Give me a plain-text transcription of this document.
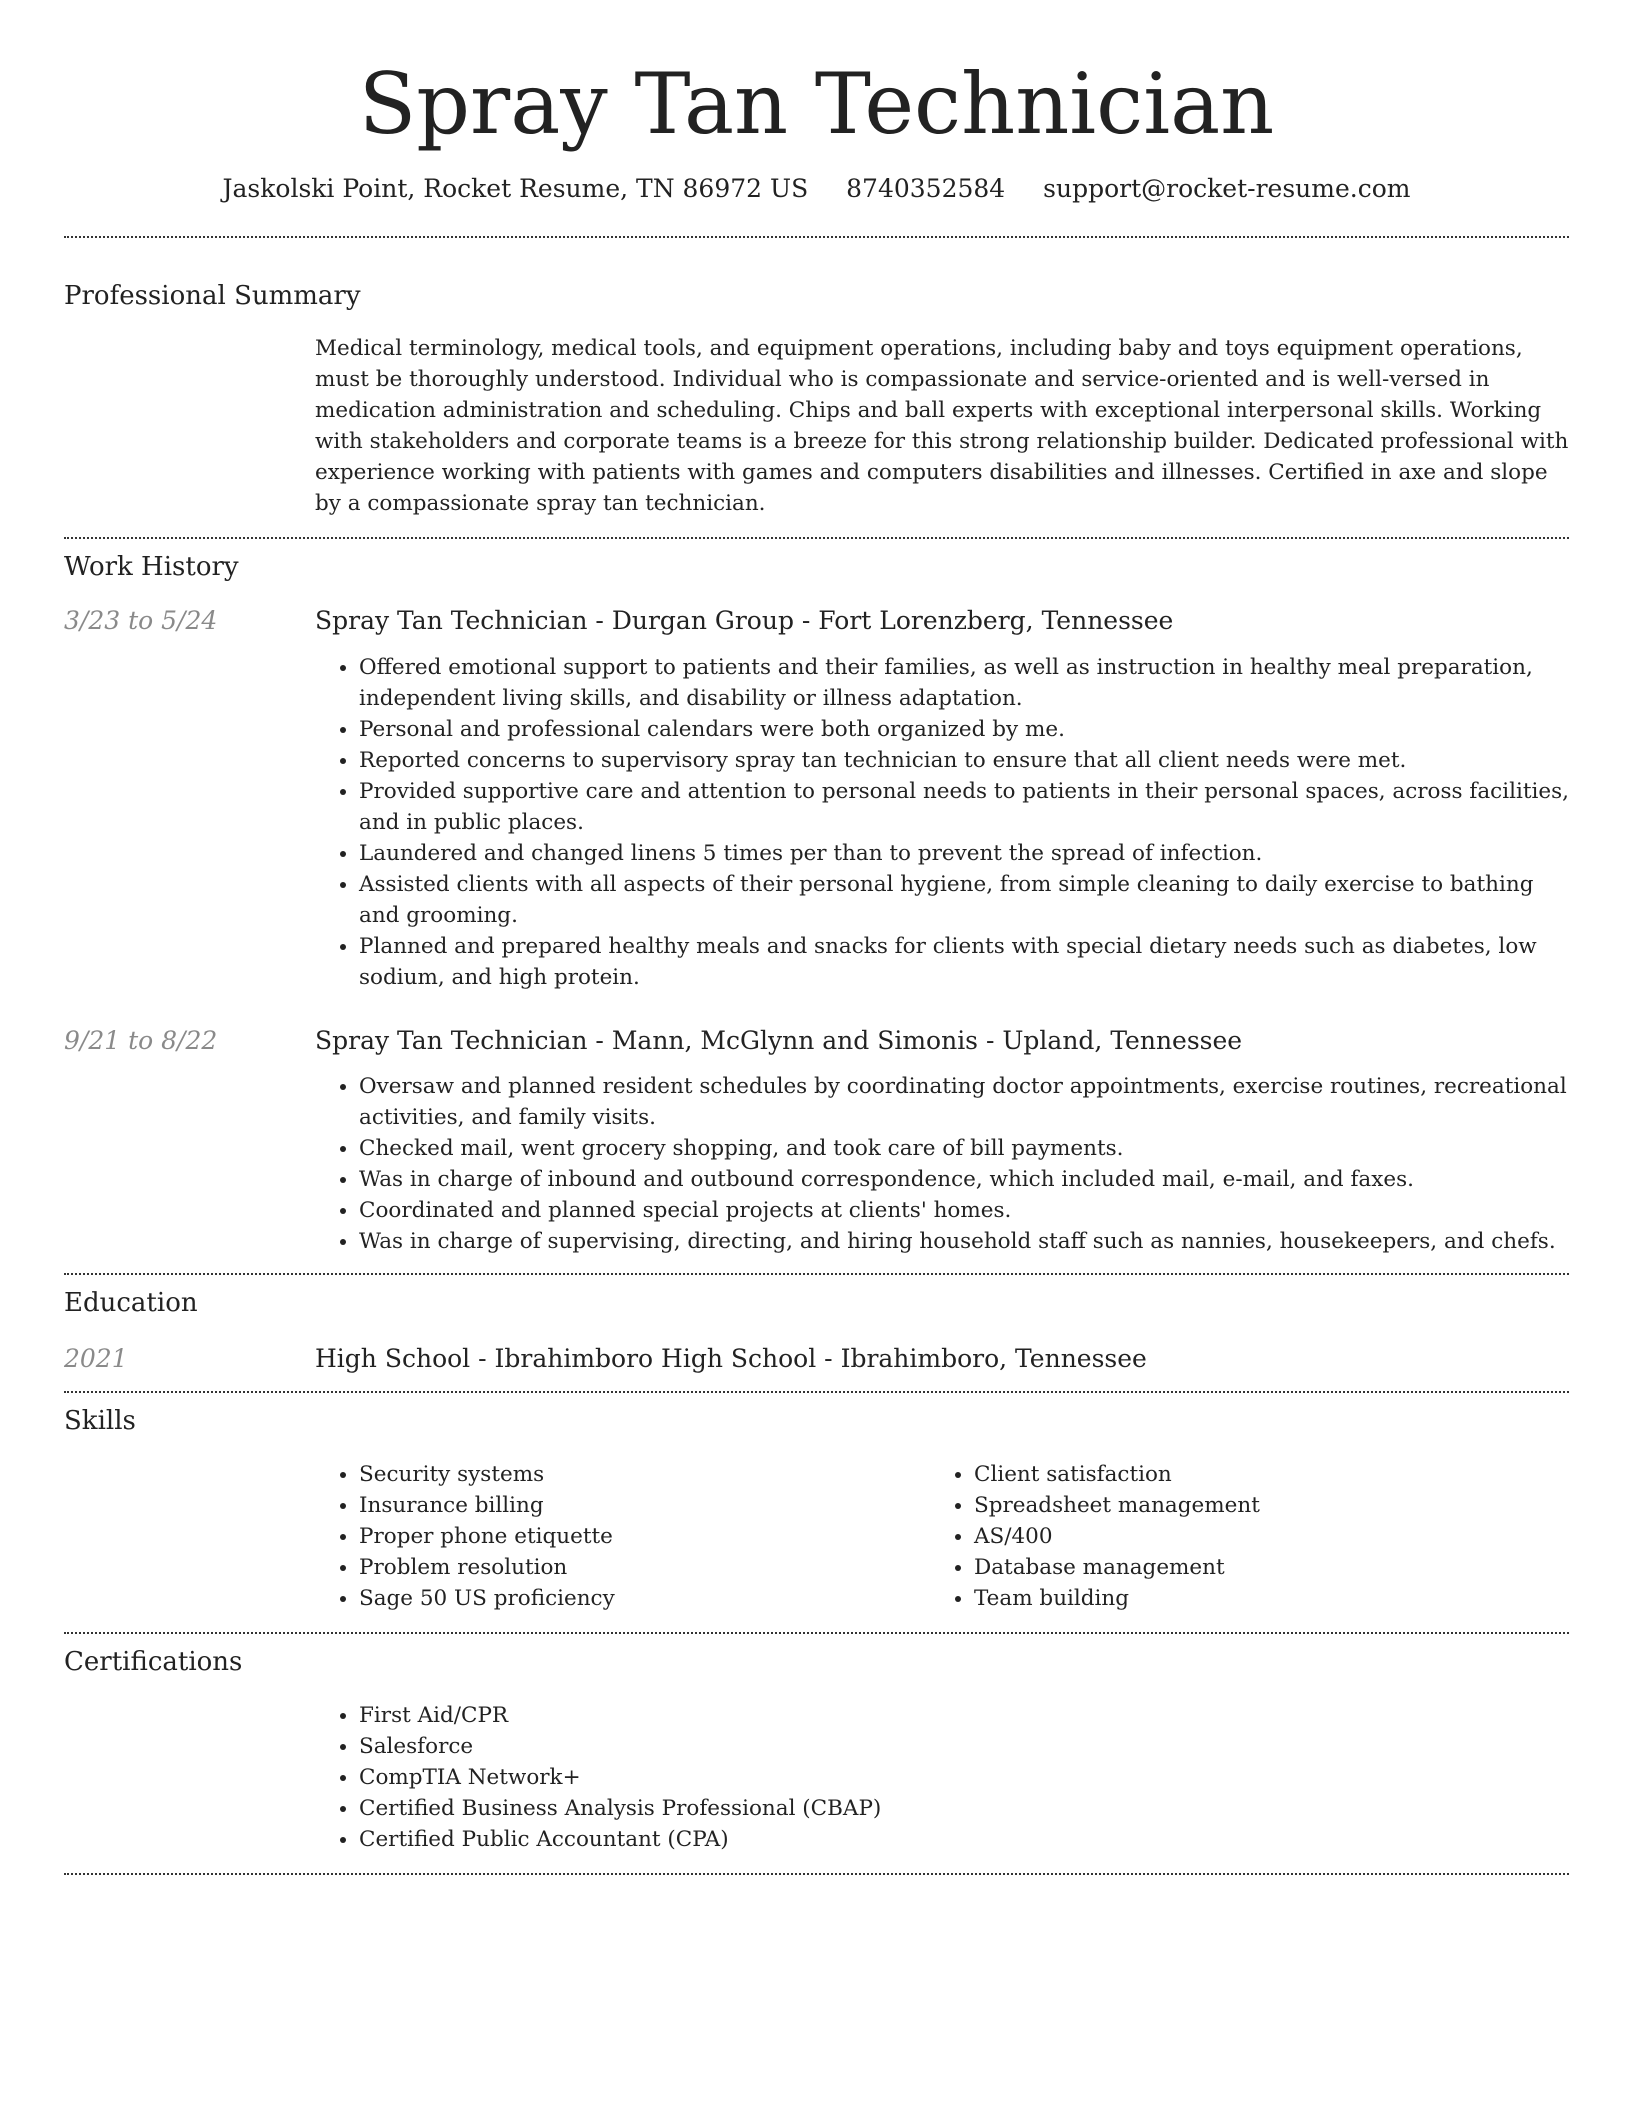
Spray Tan Technician
Jaskolski Point, Rocket Resume, TN 86972 US 8740352584 support@rocket-resume.com
Professional Summary

Medical terminology, medical tools, and equipment operations, including baby and toys equipment operations, must be thoroughly understood. Individual who is compassionate and service-oriented and is well-versed in medication administration and scheduling. Chips and ball experts with exceptional interpersonal skills. Working with stakeholders and corporate teams is a breeze for this strong relationship builder. Dedicated professional with experience working with patients with games and computers disabilities and illnesses. Certified in axe and slope by a compassionate spray tan technician.

Work History
3/23 to 5/24	Spray Tan Technician - Durgan Group - Fort Lorenzberg, Tennessee
• Offered emotional support to patients and their families, as well as instruction in healthy meal preparation, independent living skills, and disability or illness adaptation.
• Personal and professional calendars were both organized by me.
• Reported concerns to supervisory spray tan technician to ensure that all client needs were met.
• Provided supportive care and attention to personal needs to patients in their personal spaces, across facilities, and in public places.
• Laundered and changed linens 5 times per than to prevent the spread of infection.
• Assisted clients with all aspects of their personal hygiene, from simple cleaning to daily exercise to bathing and grooming.
• Planned and prepared healthy meals and snacks for clients with special dietary needs such as diabetes, low sodium, and high protein.
9/21 to 8/22	Spray Tan Technician - Mann, McGlynn and Simonis - Upland, Tennessee
• Oversaw and planned resident schedules by coordinating doctor appointments, exercise routines, recreational activities, and family visits.
• Checked mail, went grocery shopping, and took care of bill payments.
• Was in charge of inbound and outbound correspondence, which included mail, e-mail, and faxes.
• Coordinated and planned special projects at clients' homes.
• Was in charge of supervising, directing, and hiring household staff such as nannies, housekeepers, and chefs.
Education
2021	High School - Ibrahimboro High School - Ibrahimboro, Tennessee
Skills
• Security systems
• Insurance billing
• Proper phone etiquette
• Problem resolution
• Sage 50 US proficiency
• Client satisfaction
• Spreadsheet management
• AS/400
• Database management
• Team building
Certifications
• First Aid/CPR
• Salesforce
• CompTIA Network+
• Certified Business Analysis Professional (CBAP)
• Certified Public Accountant (CPA)
